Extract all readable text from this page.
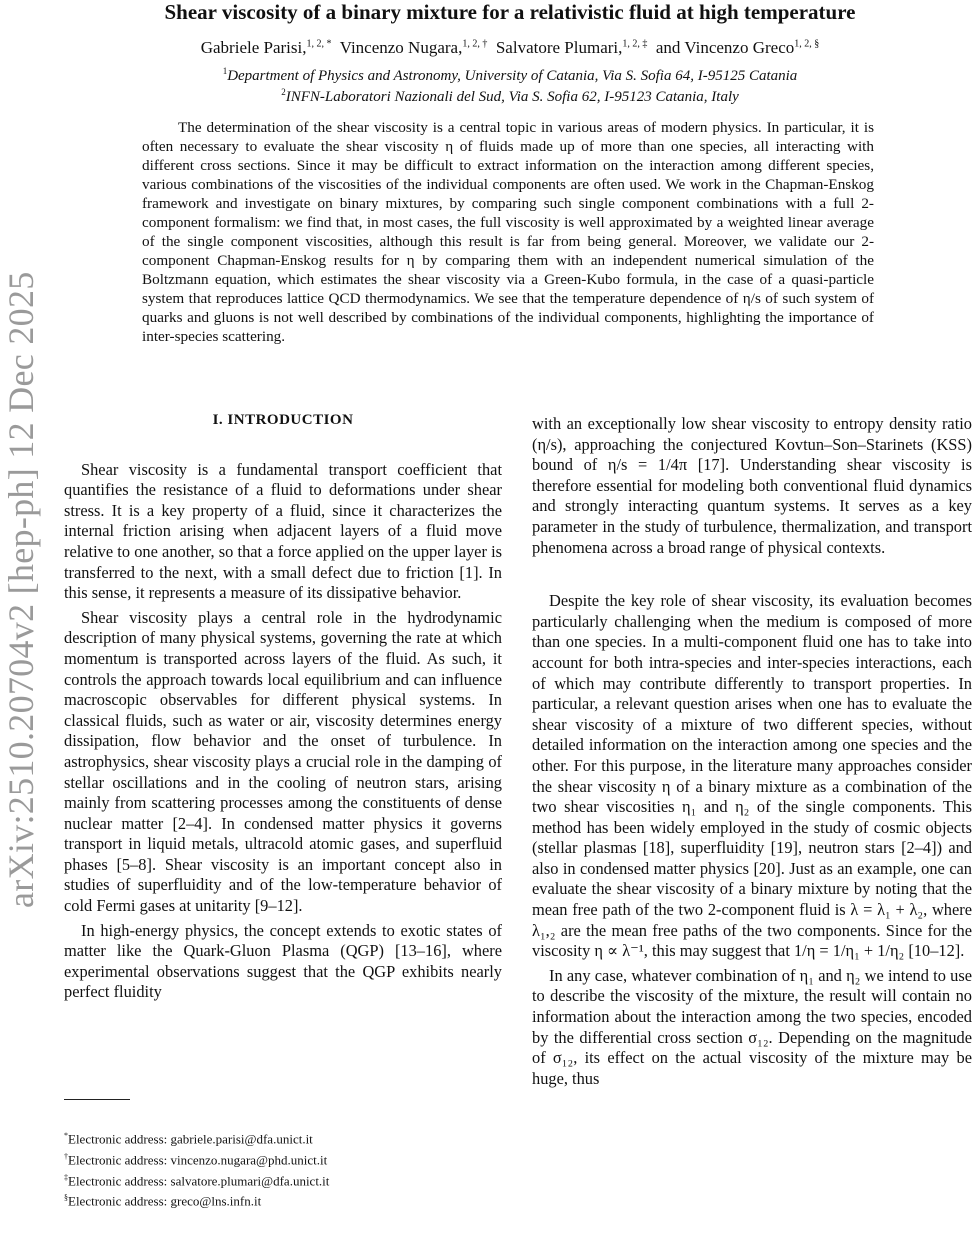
arXiv:2510.20704v2 [hep-ph] 12 Dec 2025
Shear viscosity of a binary mixture for a relativistic fluid at high temperature
Gabriele Parisi,$^{1, 2, *}$ Vincenzo Nugara,$^{1, 2, \dagger}$ Salvatore Plumari,$^{1, 2, \ddagger}$ and Vincenzo Greco$^{1, 2, \S}$
$^1$Department of Physics and Astronomy, University of Catania, Via S. Sofia 64, I-95125 Catania
$^2$INFN-Laboratori Nazionali del Sud, Via S. Sofia 62, I-95123 Catania, Italy
The determination of the shear viscosity is a central topic in various areas of modern physics. In particular, it is often necessary to evaluate the shear viscosity η of fluids made up of more than one species, all interacting with different cross sections. Since it may be difficult to extract information on the interaction among different species, various combinations of the viscosities of the individual components are often used. We work in the Chapman-Enskog framework and investigate on binary mixtures, by comparing such single component combinations with a full 2-component formalism: we find that, in most cases, the full viscosity is well approximated by a weighted linear average of the single component viscosities, although this result is far from being general. Moreover, we validate our 2-component Chapman-Enskog results for η by comparing them with an independent numerical simulation of the Boltzmann equation, which estimates the shear viscosity via a Green-Kubo formula, in the case of a quasi-particle system that reproduces lattice QCD thermodynamics. We see that the temperature dependence of η/s of such system of quarks and gluons is not well described by combinations of the individual components, highlighting the importance of inter-species scattering.
I. INTRODUCTION

Shear viscosity is a fundamental transport coefficient that quantifies the resistance of a fluid to deformations under shear stress. It is a key property of a fluid, since it characterizes the internal friction arising when adjacent layers of a fluid move relative to one another, so that a force applied on the upper layer is transferred to the next, with a small defect due to friction [1]. In this sense, it represents a measure of its dissipative behavior.

Shear viscosity plays a central role in the hydrodynamic description of many physical systems, governing the rate at which momentum is transported across layers of the fluid. As such, it controls the approach towards local equilibrium and can influence macroscopic observables for different physical systems. In classical fluids, such as water or air, viscosity determines energy dissipation, flow behavior and the onset of turbulence. In astrophysics, shear viscosity plays a crucial role in the damping of stellar oscillations and in the cooling of neutron stars, arising mainly from scattering processes among the constituents of dense nuclear matter [2–4]. In condensed matter physics it governs transport in liquid metals, ultracold atomic gases, and superfluid phases [5–8]. Shear viscosity is an important concept also in studies of superfluidity and of the low-temperature behavior of cold Fermi gases at unitarity [9–12].

In high-energy physics, the concept extends to exotic states of matter like the Quark-Gluon Plasma (QGP) [13–16], where experimental observations suggest that the QGP exhibits nearly perfect fluidity

with an exceptionally low shear viscosity to entropy density ratio (η/s), approaching the conjectured Kovtun–Son–Starinets (KSS) bound of η/s = 1/4π [17]. Understanding shear viscosity is therefore essential for modeling both conventional fluid dynamics and strongly interacting quantum systems. It serves as a key parameter in the study of turbulence, thermalization, and transport phenomena across a broad range of physical contexts.

Despite the key role of shear viscosity, its evaluation becomes particularly challenging when the medium is composed of more than one species. In a multi-component fluid one has to take into account for both intra-species and inter-species interactions, each of which may contribute differently to transport properties. In particular, a relevant question arises when one has to evaluate the shear viscosity of a mixture of two different species, without detailed information on the interaction among one species and the other. For this purpose, in the literature many approaches consider the shear viscosity η of a binary mixture as a combination of the two shear viscosities η₁ and η₂ of the single components. This method has been widely employed in the study of cosmic objects (stellar plasmas [18], superfluidity [19], neutron stars [2–4]) and also in condensed matter physics [20]. Just as an example, one can evaluate the shear viscosity of a binary mixture by noting that the mean free path of the two 2-component fluid is λ = λ₁ + λ₂, where λ₁,₂ are the mean free paths of the two components. Since for the viscosity η ∝ λ⁻¹, this may suggest that 1/η = 1/η₁ + 1/η₂ [10–12].

In any case, whatever combination of η₁ and η₂ we intend to use to describe the viscosity of the mixture, the result will contain no information about the interaction among the two species, encoded by the differential cross section σ₁₂. Depending on the magnitude of σ₁₂, its effect on the actual viscosity of the mixture may be huge, thus

*Electronic address: gabriele.parisi@dfa.unict.it
†Electronic address: vincenzo.nugara@phd.unict.it
‡Electronic address: salvatore.plumari@dfa.unict.it
§Electronic address: greco@lns.infn.it
